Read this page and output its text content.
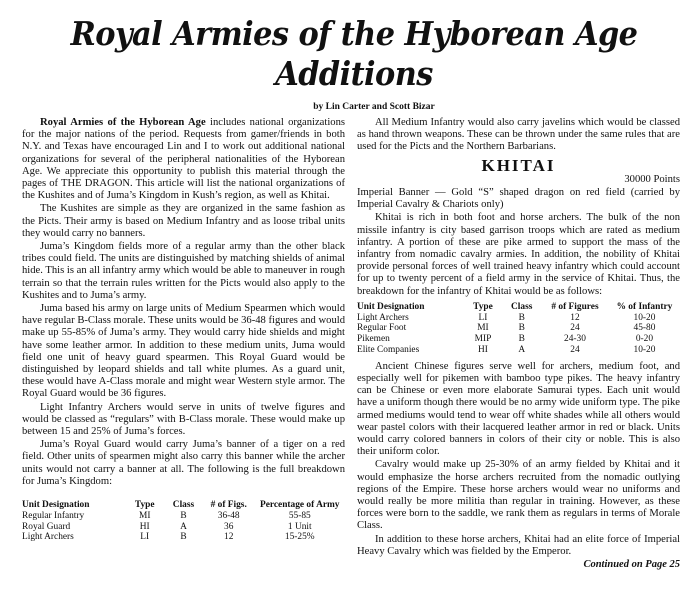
Royal Armies of the Hyborean Age Additions
by Lin Carter and Scott Bizar

Royal Armies of the Hyborean Age includes national organizations for the major nations of the period. Requests from gamer/friends in both N.Y. and Texas have encouraged Lin and I to work out additional national organizations for several of the peripheral nationalities of the Hyborean Age. We appreciate this opportunity to publish this material through the pages of THE DRAGON. This article will list the national organizations of the Kushites and of Juma’s Kingdom in Kush’s region, as well as Khitai.

The Kushites are simple as they are organized in the same fashion as the Picts. Their army is based on Medium Infantry and as loose tribal units they would carry no banners.

Juma’s Kingdom fields more of a regular army than the other black tribes could field. The units are distinguished by matching shields of animal hide. This is an all infantry army which would be able to maneuver in rough terrain so that the terrain rules written for the Picts would also apply to the Kushites and to Juma’s army.

Juma based his army on large units of Medium Spearmen which would have regular B-Class morale. These units would be 36-48 figures and would make up 55-85% of Juma’s army. They would carry hide shields and might have some leather armor. In addition to these medium units, Juma would field one unit of heavy guard spearmen. This Royal Guard would be distinguished by leopard shields and tall white plumes. As a guard unit, these would have A-Class morale and might wear Western style armor. The Royal Guard would be 36 figures.

Light Infantry Archers would serve in units of twelve figures and would be classed as “regulars” with B-Class morale. These would make up between 15 and 25% of Juma’s forces.

Juma’s Royal Guard would carry Juma’s banner of a tiger on a red field. Other units of spearmen might also carry this banner while the archer units would not carry a banner at all. The following is the full breakdown for Juma’s Kingdom:

Unit Designation	Type	Class	# of Figs.	Percentage of Army
Regular Infantry	MI	B	36-48	55-85
Royal Guard	HI	A	36	1 Unit
Light Archers	LI	B	12	15-25%

All Medium Infantry would also carry javelins which would be classed as hand thrown weapons. These can be thrown under the same rules that are used for the Picts and the Northern Barbarians.

KHITAI

30000 Points

Imperial Banner — Gold “S” shaped dragon on red field (carried by Imperial Cavalry & Chariots only)

Khitai is rich in both foot and horse archers. The bulk of the non missile infantry is city based garrison troops which are rated as medium infantry. A portion of these are pike armed to support the mass of the infantry from nomadic cavalry armies. In addition, the nobility of Khitai provide personal forces of well trained heavy infantry which could account for up to twenty percent of a field army in the service of Khitai. Thus, the breakdown for the infantry of Khitai would be as follows:

Unit Designation	Type	Class	# of Figures	% of Infantry
Light Archers	LI	B	12	10-20
Regular Foot	MI	B	24	45-80
Pikemen	MIP	B	24-30	0-20
Elite Companies	HI	A	24	10-20

Ancient Chinese figures serve well for archers, medium foot, and especially well for pikemen with bamboo type pikes. The heavy infantry can be Chinese or even more elaborate Samurai types. Each unit would have a uniform though there would be no army wide uniform type. The pike armed mediums would tend to wear off white shades while all others would wear pastel colors with their lacquered leather armor in red or black. Units would carry colored banners in colors of their city or noble. This is also their uniform color.

Cavalry would make up 25-30% of an army fielded by Khitai and it would emphasize the horse archers recruited from the nomadic outlying regions of the Empire. These horse archers would wear no uniforms and would really be more militia than regular in training. However, as these forces were born to the saddle, we rank them as regulars in terms of Morale Class.

In addition to these horse archers, Khitai had an elite force of Imperial Heavy Cavalry which was fielded by the Emperor.

Continued on Page 25
